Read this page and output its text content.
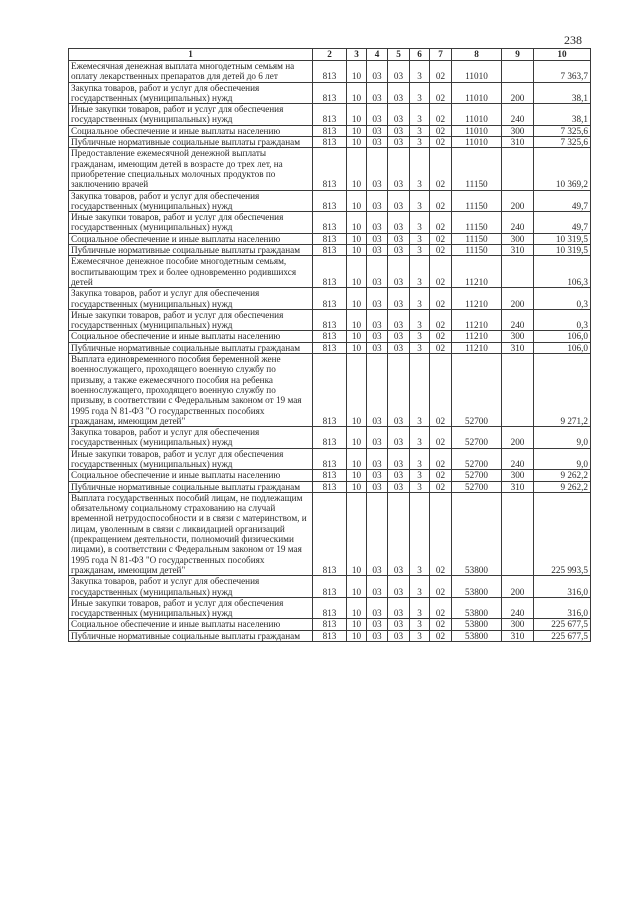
238
1	2	3	4	5	6	7	8	9	10
Ежемесячная денежная выплата многодетным семьям на оплату лекарственных препаратов для детей до 6 лет	813	10	03	03	3	02	11010		7 363,7
Закупка товаров, работ и услуг для обеспечения государственных (муниципальных) нужд	813	10	03	03	3	02	11010	200	38,1
Иные закупки товаров, работ и услуг для обеспечения государственных (муниципальных) нужд	813	10	03	03	3	02	11010	240	38,1
Социальное обеспечение и иные выплаты населению	813	10	03	03	3	02	11010	300	7 325,6
Публичные нормативные социальные выплаты гражданам	813	10	03	03	3	02	11010	310	7 325,6
Предоставление ежемесячной денежной выплаты гражданам, имеющим детей в возрасте до трех лет, на приобретение специальных молочных продуктов по заключению врачей	813	10	03	03	3	02	11150		10 369,2
Закупка товаров, работ и услуг для обеспечения государственных (муниципальных) нужд	813	10	03	03	3	02	11150	200	49,7
Иные закупки товаров, работ и услуг для обеспечения государственных (муниципальных) нужд	813	10	03	03	3	02	11150	240	49,7
Социальное обеспечение и иные выплаты населению	813	10	03	03	3	02	11150	300	10 319,5
Публичные нормативные социальные выплаты гражданам	813	10	03	03	3	02	11150	310	10 319,5
Ежемесячное денежное пособие многодетным семьям, воспитывающим трех и более одновременно родившихся детей	813	10	03	03	3	02	11210		106,3
Закупка товаров, работ и услуг для обеспечения государственных (муниципальных) нужд	813	10	03	03	3	02	11210	200	0,3
Иные закупки товаров, работ и услуг для обеспечения государственных (муниципальных) нужд	813	10	03	03	3	02	11210	240	0,3
Социальное обеспечение и иные выплаты населению	813	10	03	03	3	02	11210	300	106,0
Публичные нормативные социальные выплаты гражданам	813	10	03	03	3	02	11210	310	106,0
Выплата единовременного пособия беременной жене военнослужащего, проходящего военную службу по призыву, а также ежемесячного пособия на ребенка военнослужащего, проходящего военную службу по призыву, в соответствии с Федеральным законом от 19 мая 1995 года N 81-ФЗ "О государственных пособиях гражданам, имеющим детей"	813	10	03	03	3	02	52700		9 271,2
Закупка товаров, работ и услуг для обеспечения государственных (муниципальных) нужд	813	10	03	03	3	02	52700	200	9,0
Иные закупки товаров, работ и услуг для обеспечения государственных (муниципальных) нужд	813	10	03	03	3	02	52700	240	9,0
Социальное обеспечение и иные выплаты населению	813	10	03	03	3	02	52700	300	9 262,2
Публичные нормативные социальные выплаты гражданам	813	10	03	03	3	02	52700	310	9 262,2
Выплата государственных пособий лицам, не подлежащим обязательному социальному страхованию на случай временной нетрудоспособности и в связи с материнством, и лицам, уволенным в связи с ликвидацией организаций (прекращением деятельности, полномочий физическими лицами), в соответствии с Федеральным законом от 19 мая 1995 года N 81-ФЗ "О государственных пособиях гражданам, имеющим детей"	813	10	03	03	3	02	53800		225 993,5
Закупка товаров, работ и услуг для обеспечения государственных (муниципальных) нужд	813	10	03	03	3	02	53800	200	316,0
Иные закупки товаров, работ и услуг для обеспечения государственных (муниципальных) нужд	813	10	03	03	3	02	53800	240	316,0
Социальное обеспечение и иные выплаты населению	813	10	03	03	3	02	53800	300	225 677,5
Публичные нормативные социальные выплаты гражданам	813	10	03	03	3	02	53800	310	225 677,5
